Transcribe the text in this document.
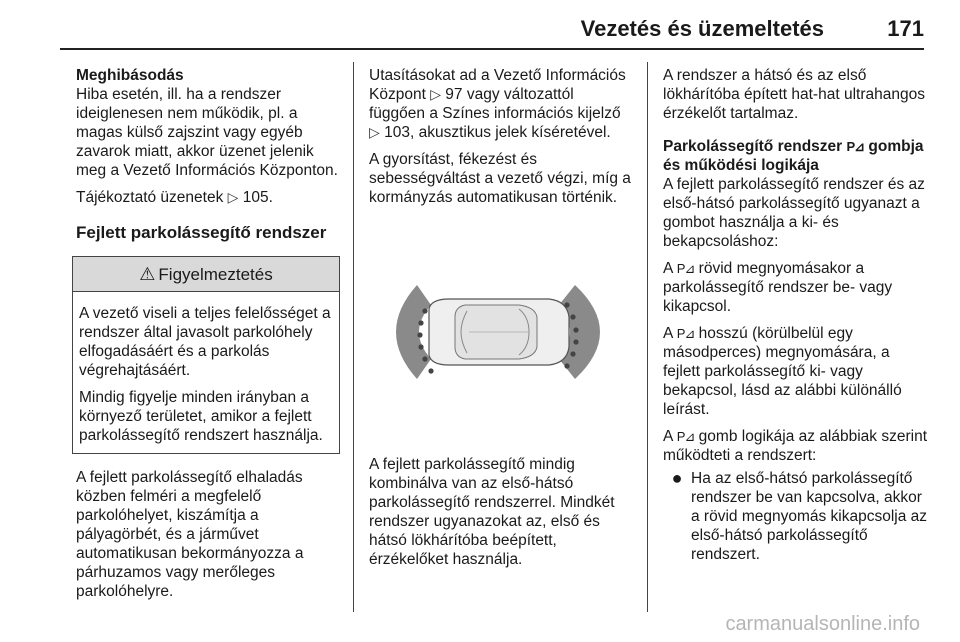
Vezetés és üzemeltetés	171

Meghibásodás

Hiba esetén, ill. ha a rendszer ideiglenesen nem működik, pl. a magas külső zajszint vagy egyéb zavarok miatt, akkor üzenet jelenik meg a Vezető Információs Központon.

Tájékoztató üzenetek ▷ 105.

Fejlett parkolássegítő rendszer
⚠ Figyelmeztetés

A vezető viseli a teljes felelősséget a rendszer által javasolt parkolóhely elfogadásáért és a parkolás végrehajtásáért.

Mindig figyelje minden irányban a környező területet, amikor a fejlett parkolássegítő rendszert használja.

A fejlett parkolássegítő elhaladás közben felméri a megfelelő parkolóhelyet, kiszámítja a pályagörbét, és a járművet automatikusan bekormányozza a párhuzamos vagy merőleges parkolóhelyre.

Utasításokat ad a Vezető Információs Központ ▷ 97 vagy változattól függően a Színes információs kijelző ▷ 103, akusztikus jelek kíséretével.

A gyorsítást, fékezést és sebességváltást a vezető végzi, míg a kormányzás automatikusan történik.

A fejlett parkolássegítő mindig kombinálva van az első-hátsó parkolássegítő rendszerrel. Mindkét rendszer ugyanazokat az, első és hátsó lökhárítóba beépített, érzékelőket használja.

A rendszer a hátsó és az első lökhárítóba épített hat-hat ultrahangos érzékelőt tartalmaz.

Parkolássegítő rendszer P⊿ gombja és működési logikája

A fejlett parkolássegítő rendszer és az első-hátsó parkolássegítő ugyanazt a gombot használja a ki- és bekapcsoláshoz:

A P⊿ rövid megnyomásakor a parkolássegítő rendszer be- vagy kikapcsol.

A P⊿ hosszú (körülbelül egy másodperces) megnyomására, a fejlett parkolássegítő ki- vagy bekapcsol, lásd az alábbi különálló leírást.

A P⊿ gomb logikája az alábbiak szerint működteti a rendszert:

● Ha az első-hátsó parkolássegítő rendszer be van kapcsolva, akkor a rövid megnyomás kikapcsolja az első-hátsó parkolássegítő rendszert.
carmanualsonline.info
